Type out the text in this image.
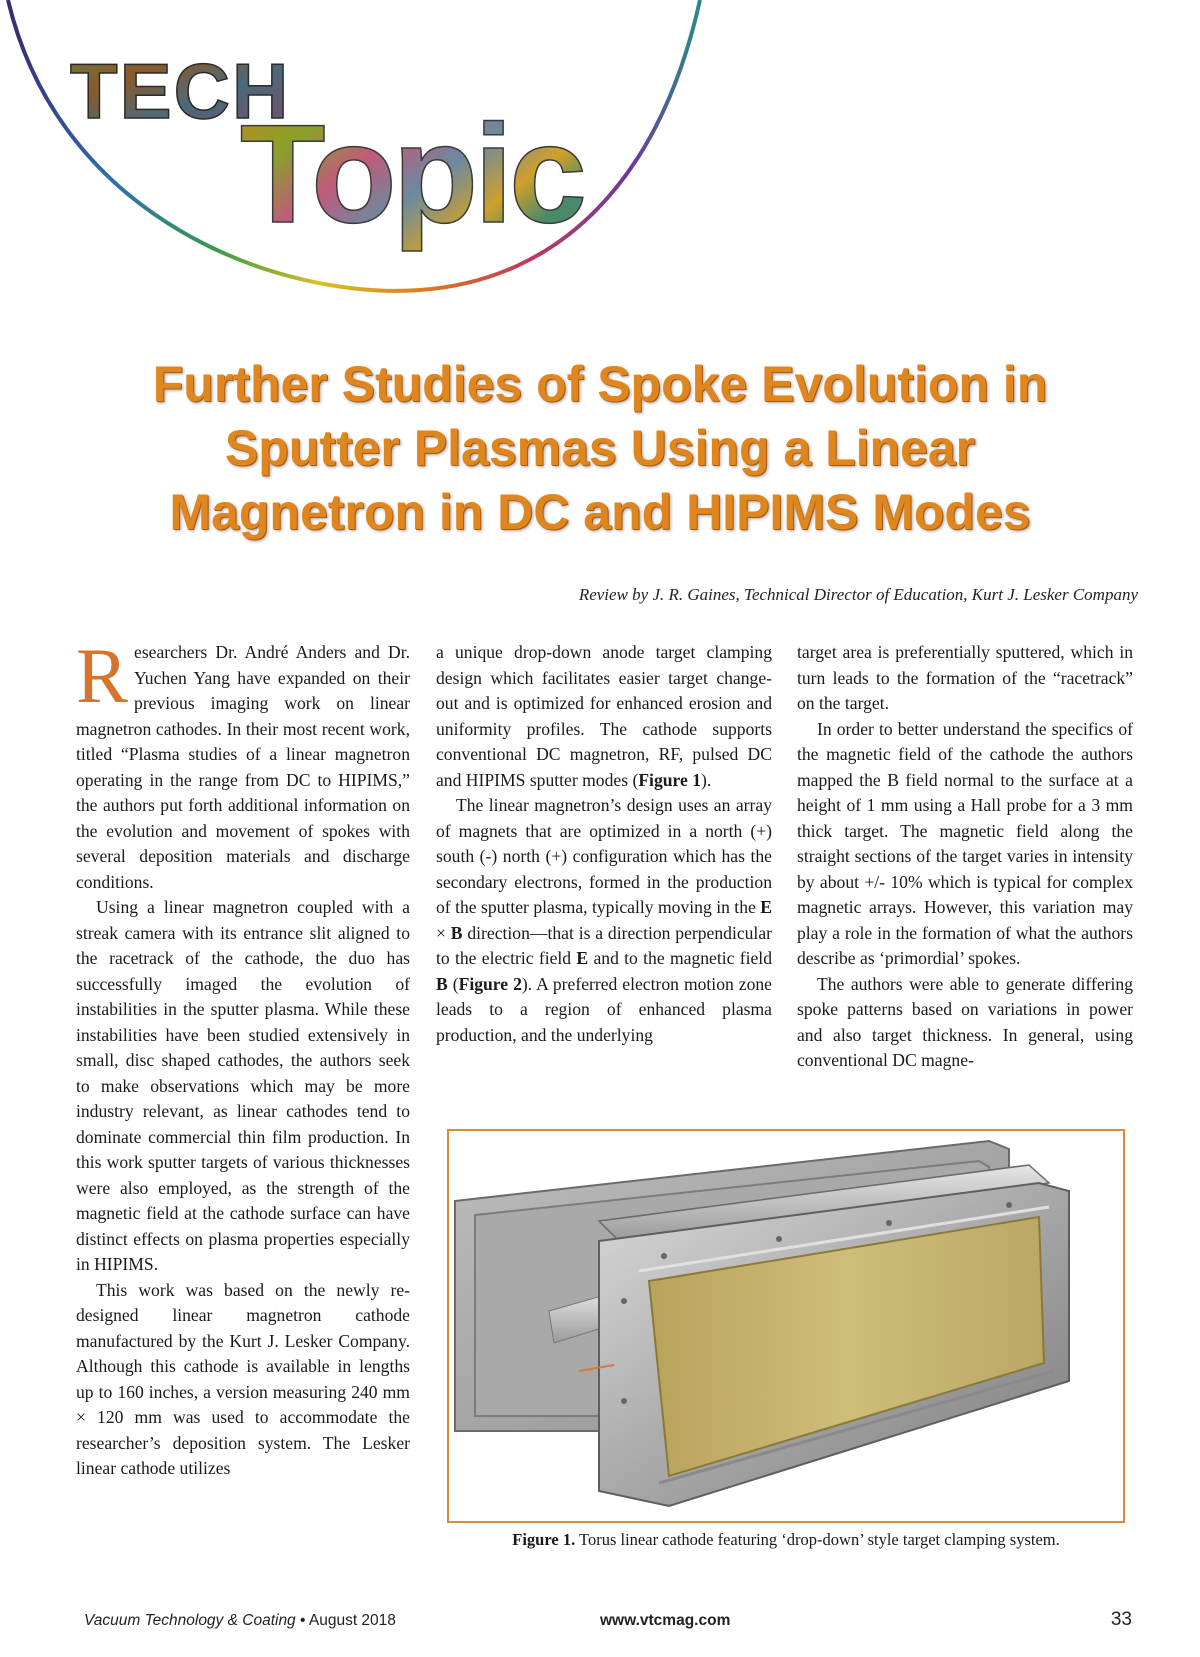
TECH
Topic
Further Studies of Spoke Evolution in
Sputter Plasmas Using a Linear
Magnetron in DC and HIPIMS Modes
Review by J. R. Gaines, Technical Director of Education, Kurt J. Lesker Company

Researchers Dr. André Anders and Dr. Yuchen Yang have expanded on their previous imaging work on linear magnetron cathodes. In their most recent work, titled “Plasma studies of a linear magnetron operating in the range from DC to HIPIMS,” the authors put forth additional information on the evolution and movement of spokes with several deposition materials and discharge conditions.

Using a linear magnetron coupled with a streak camera with its entrance slit aligned to the racetrack of the cathode, the duo has successfully imaged the evolution of instabilities in the sputter plasma. While these instabilities have been studied extensively in small, disc shaped cathodes, the authors seek to make observations which may be more industry relevant, as linear cathodes tend to dominate commercial thin film production. In this work sputter targets of various thicknesses were also employed, as the strength of the magnetic field at the cathode surface can have distinct effects on plasma properties especially in HIPIMS.

This work was based on the newly re-designed linear magnetron cathode manufactured by the Kurt J. Lesker Company. Although this cathode is available in lengths up to 160 inches, a version measuring 240 mm × 120 mm was used to accommodate the researcher’s deposition system. The Lesker linear cathode utilizes

a unique drop-down anode target clamping design which facilitates easier target change-out and is optimized for enhanced erosion and uniformity profiles. The cathode supports conventional DC magnetron, RF, pulsed DC and HIPIMS sputter modes (Figure 1).

The linear magnetron’s design uses an array of magnets that are optimized in a north (+) south (-) north (+) configuration which has the secondary electrons, formed in the production of the sputter plasma, typically moving in the E × B direction—that is a direction perpendicular to the electric field E and to the magnetic field B (Figure 2). A preferred electron motion zone leads to a region of enhanced plasma production, and the underlying

target area is preferentially sputtered, which in turn leads to the formation of the “racetrack” on the target.

In order to better understand the specifics of the magnetic field of the cathode the authors mapped the B field normal to the surface at a height of 1 mm using a Hall probe for a 3 mm thick target. The magnetic field along the straight sections of the target varies in intensity by about +/- 10% which is typical for complex magnetic arrays. However, this variation may play a role in the formation of what the authors describe as ‘primordial’ spokes.

The authors were able to generate differing spoke patterns based on variations in power and also target thickness. In general, using conventional DC magne-

Figure 1. Torus linear cathode featuring ‘drop-down’ style target clamping system.
Vacuum Technology & Coating • August 2018	www.vtcmag.com	33
